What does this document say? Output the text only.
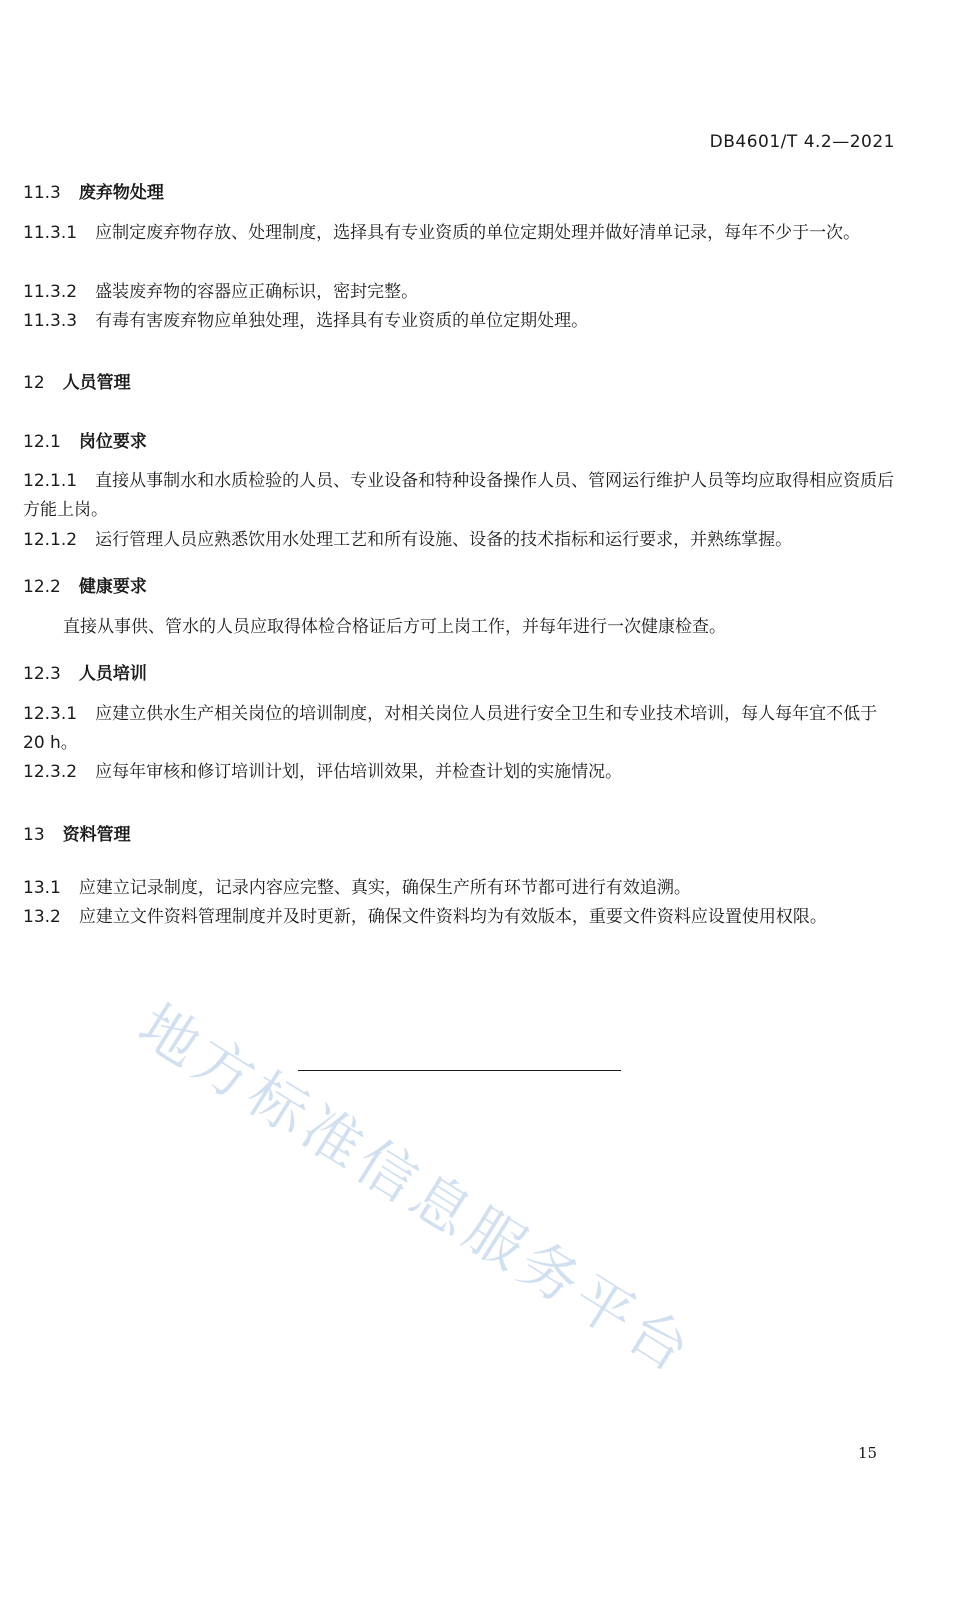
DB4601/T 4.2—2021
11.3 废弃物处理
11.3.1 应制定废弃物存放、处理制度，选择具有专业资质的单位定期处理并做好清单记录，每年不少于一次。
11.3.2 盛装废弃物的容器应正确标识，密封完整。
11.3.3 有毒有害废弃物应单独处理，选择具有专业资质的单位定期处理。
12 人员管理
12.1 岗位要求
12.1.1 直接从事制水和水质检验的人员、专业设备和特种设备操作人员、管网运行维护人员等均应取得相应资质后方能上岗。
12.1.2 运行管理人员应熟悉饮用水处理工艺和所有设施、设备的技术指标和运行要求，并熟练掌握。
12.2 健康要求
直接从事供、管水的人员应取得体检合格证后方可上岗工作，并每年进行一次健康检查。
12.3 人员培训
12.3.1 应建立供水生产相关岗位的培训制度，对相关岗位人员进行安全卫生和专业技术培训，每人每年宜不低于 20 h。
12.3.2 应每年审核和修订培训计划，评估培训效果，并检查计划的实施情况。
13 资料管理
13.1 应建立记录制度，记录内容应完整、真实，确保生产所有环节都可进行有效追溯。
13.2 应建立文件资料管理制度并及时更新，确保文件资料均为有效版本，重要文件资料应设置使用权限。
地方标准信息服务平台
15
